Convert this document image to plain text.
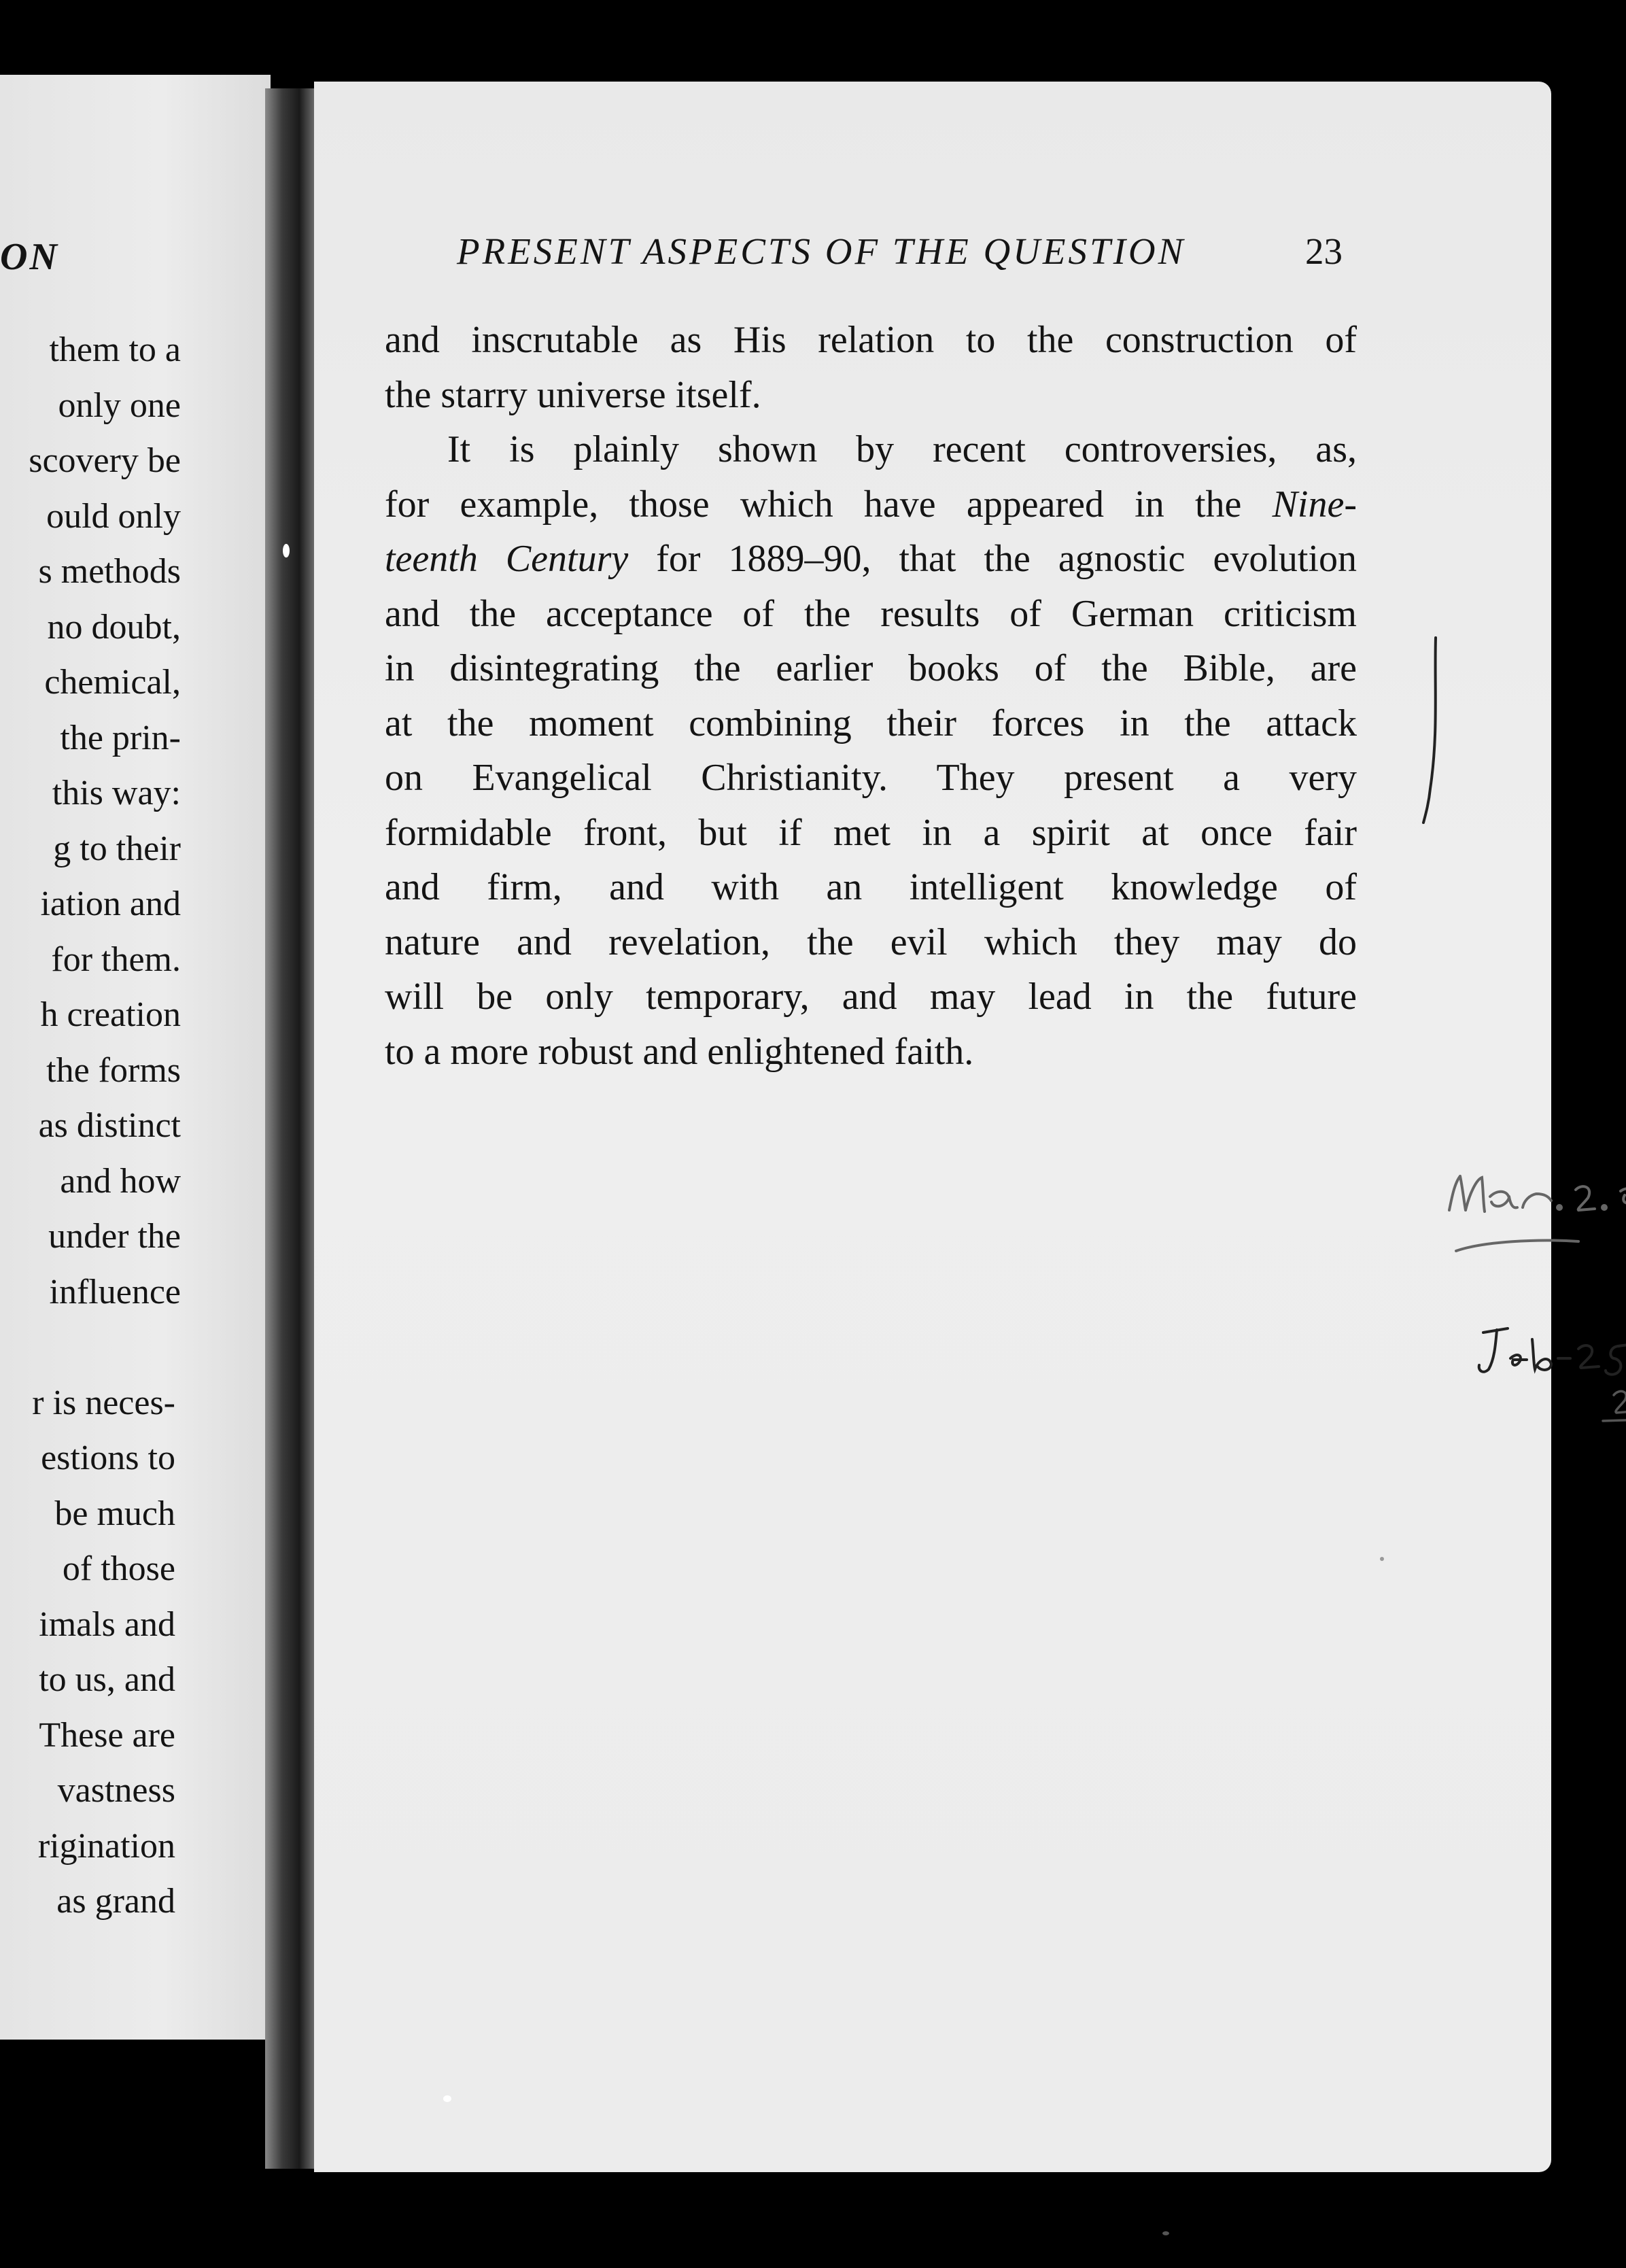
ON
them to a
only one
scovery be
ould only
s methods
no doubt,
chemical,
the prin-
this way:
g to their
iation and
for them.
h creation
the forms
as distinct
and how
under the
influence
r is neces-
estions to
be much
of those
imals and
to us, and
These are
vastness
rigination
as grand
PRESENT ASPECTS OF THE QUESTION	23
and inscrutable as His relation to the construction of
the starry universe itself.
It is plainly shown by recent controversies, as,
for example, those which have appeared in the Nine-
teenth Century for 1889–90, that the agnostic evolution
and the acceptance of the results of German criticism
in disintegrating the earlier books of the Bible, are
at the moment combining their forces in the attack
on Evangelical Christianity. They present a very
formidable front, but if met in a spirit at once fair
and firm, and with an intelligent knowledge of
nature and revelation, the evil which they may do
will be only temporary, and may lead in the future
to a more robust and enlightened faith.
